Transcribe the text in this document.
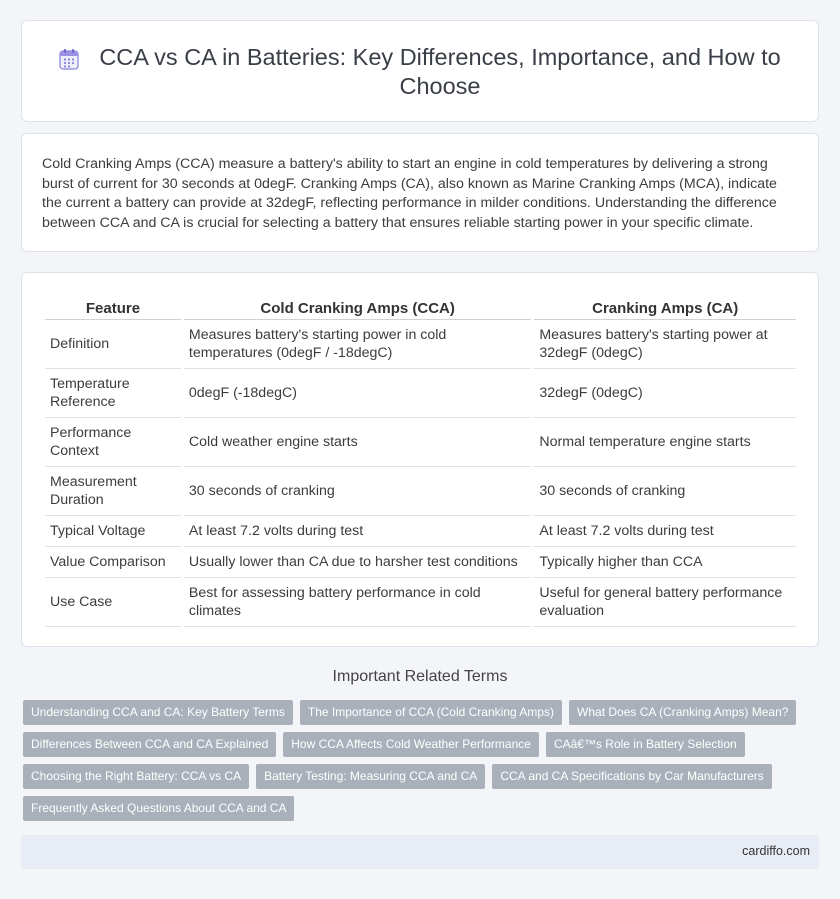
CCA vs CA in Batteries: Key Differences, Importance, and How to Choose

Cold Cranking Amps (CCA) measure a battery's ability to start an engine in cold temperatures by delivering a strong burst of current for 30 seconds at 0degF. Cranking Amps (CA), also known as Marine Cranking Amps (MCA), indicate the current a battery can provide at 32degF, reflecting performance in milder conditions. Understanding the difference between CCA and CA is crucial for selecting a battery that ensures reliable starting power in your specific climate.

Feature	Cold Cranking Amps (CCA)	Cranking Amps (CA)
Definition	Measures battery's starting power in cold temperatures (0degF / -18degC)	Measures battery's starting power at 32degF (0degC)
Temperature Reference	0degF (-18degC)	32degF (0degC)
Performance Context	Cold weather engine starts	Normal temperature engine starts
Measurement Duration	30 seconds of cranking	30 seconds of cranking
Typical Voltage	At least 7.2 volts during test	At least 7.2 volts during test
Value Comparison	Usually lower than CA due to harsher test conditions	Typically higher than CCA
Use Case	Best for assessing battery performance in cold climates	Useful for general battery performance evaluation
Important Related Terms
Understanding CCA and CA: Key Battery Terms	The Importance of CCA (Cold Cranking Amps)	What Does CA (Cranking Amps) Mean?
Differences Between CCA and CA Explained	How CCA Affects Cold Weather Performance	CAâ€™s Role in Battery Selection
Choosing the Right Battery: CCA vs CA	Battery Testing: Measuring CCA and CA	CCA and CA Specifications by Car Manufacturers
Frequently Asked Questions About CCA and CA
cardiffo.com
